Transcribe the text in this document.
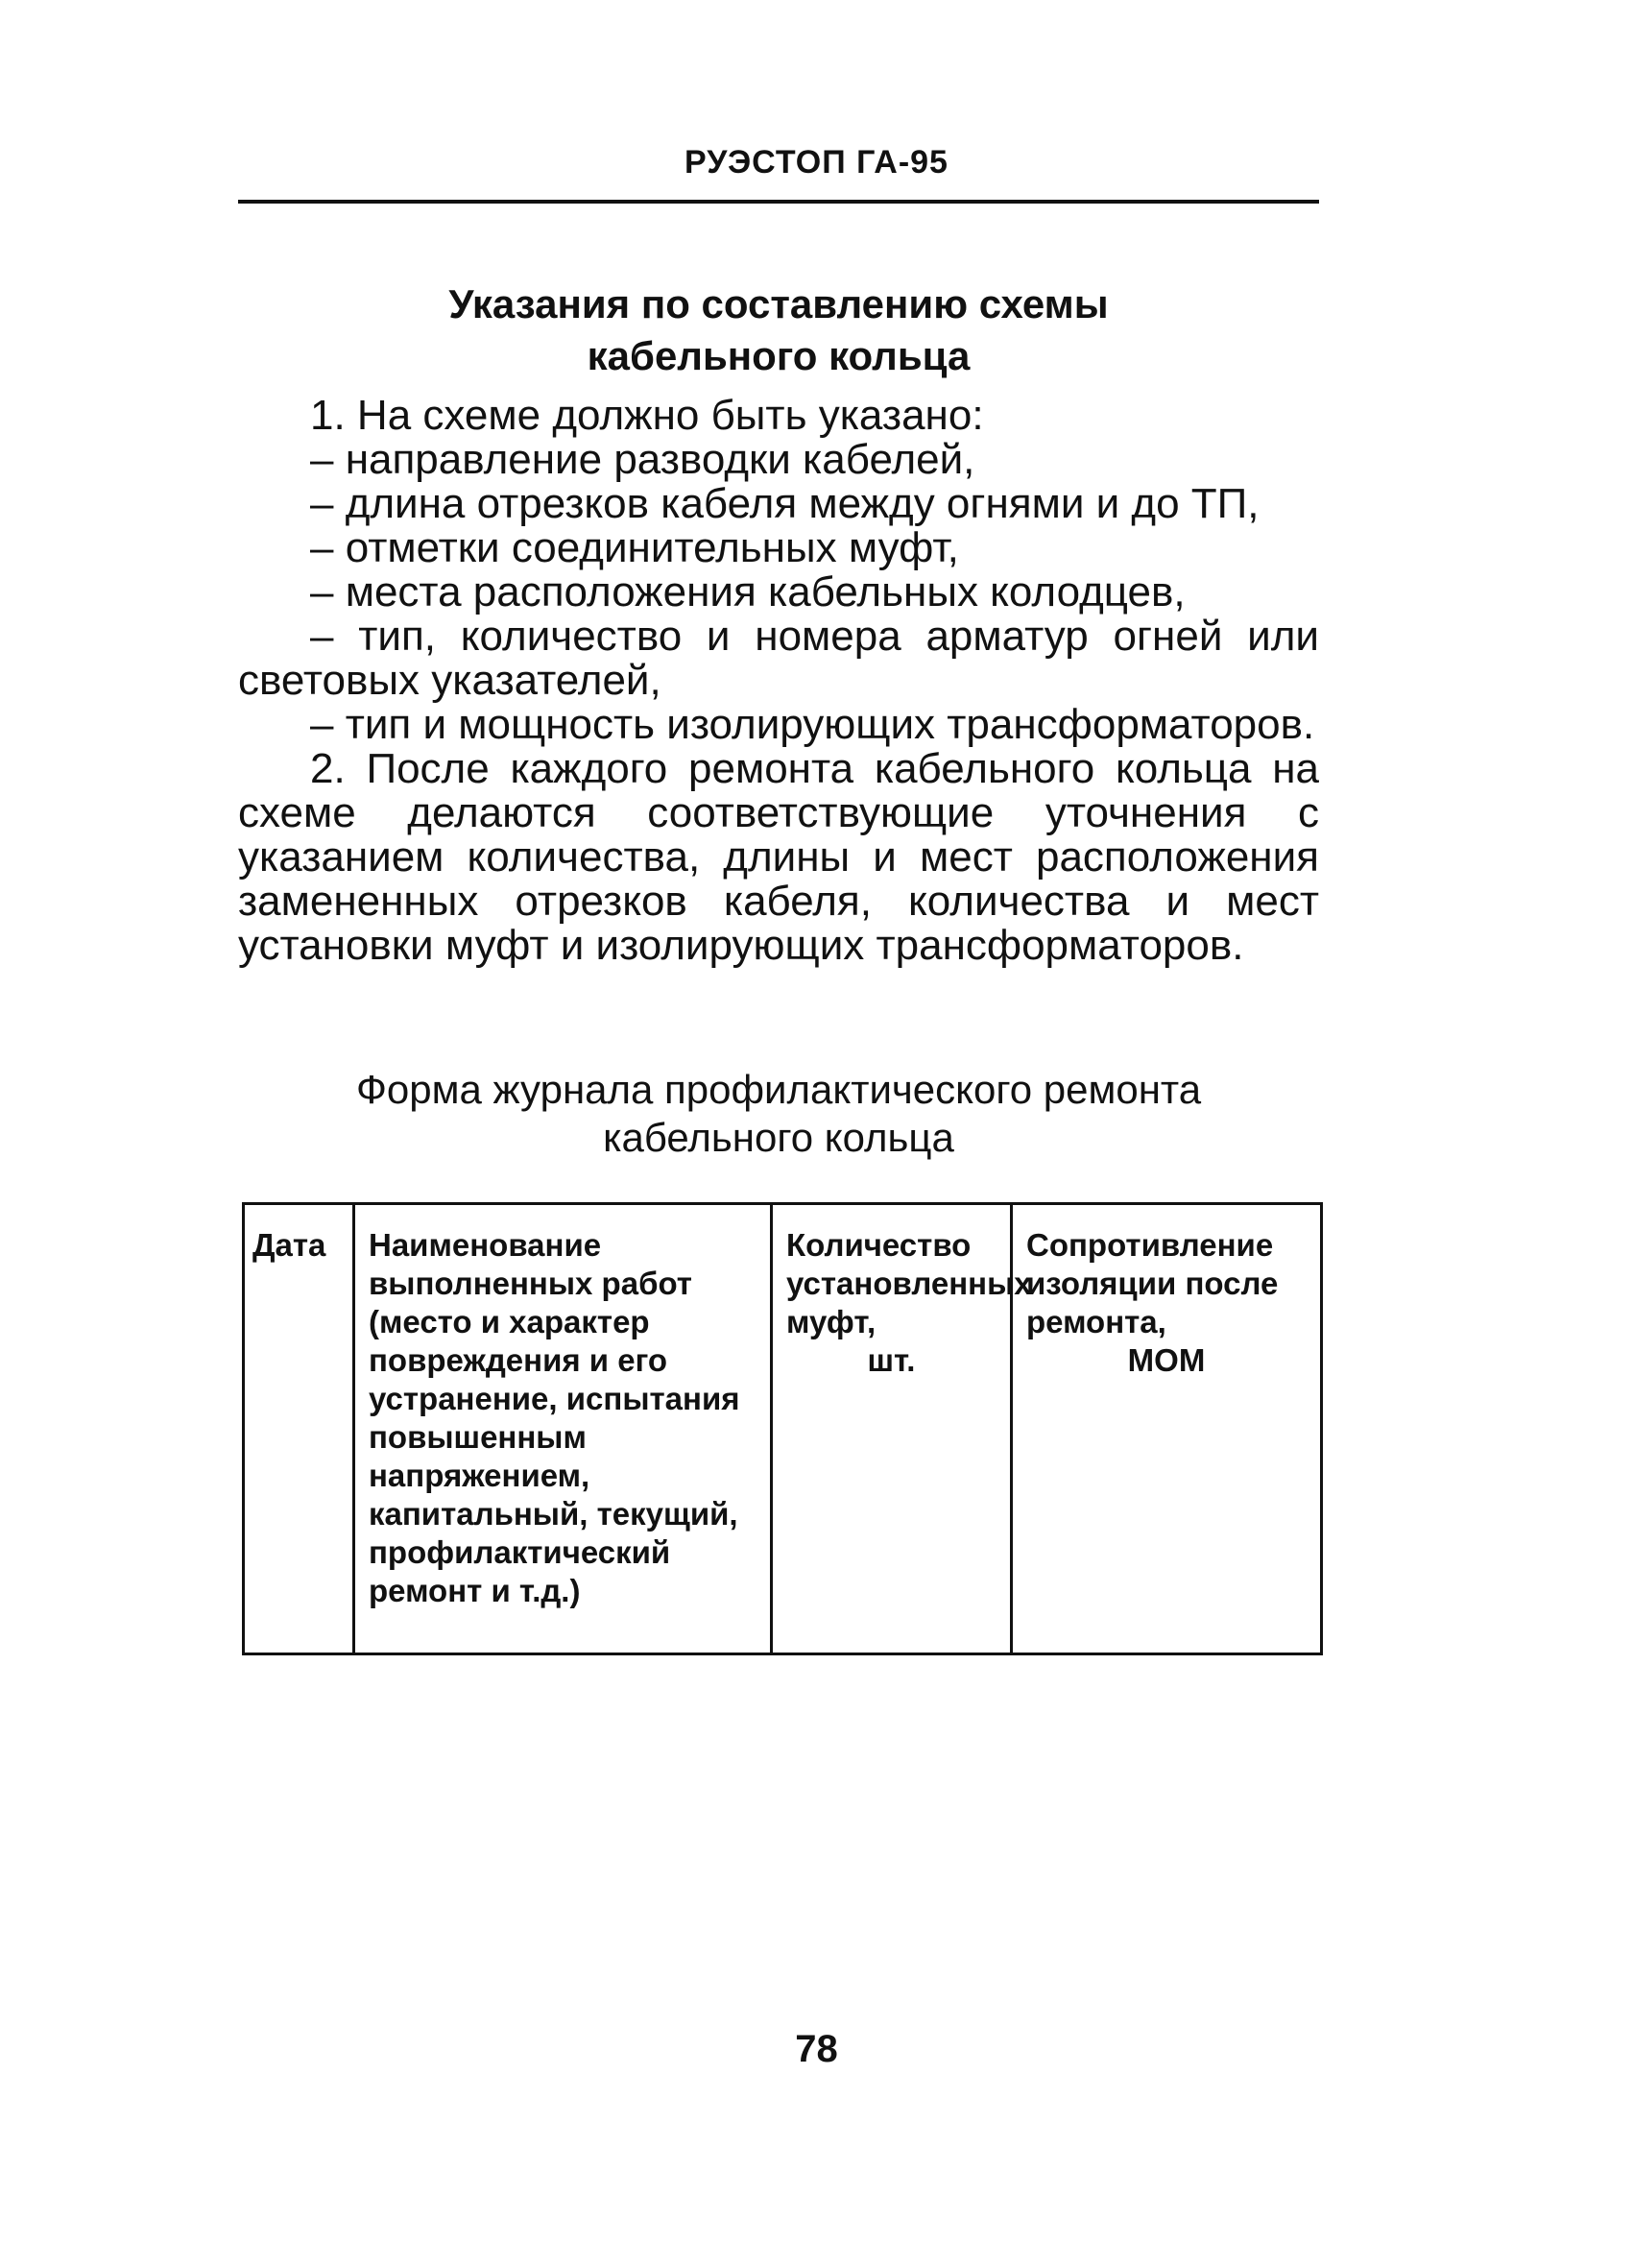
РУЭСТОП ГА-95
Указания по составлению схемы
кабельного кольца

1. На схеме должно быть указано:

– направление разводки кабелей,

– длина отрезков кабеля между огнями и до ТП,

– отметки соединительных муфт,

– места расположения кабельных колодцев,

– тип, количество и номера арматур огней или световых указателей,

– тип и мощность изолирующих трансформаторов.

2. После каждого ремонта кабельного кольца на схеме делаются соответствующие уточнения с указанием количества, длины и мест расположения замененных отрезков кабеля, количества и мест установки муфт и изолирующих трансформаторов.

Форма журнала профилактического ремонта
кабельного кольца
Дата	Наименование выполненных работ (место и характер повреждения и его устранение, испытания повышенным напряжением, капитальный, текущий, профилактический ремонт и т.д.)
Количество установленных муфт,
шт.
Сопротивление изоляции после ремонта,
МОМ
78
